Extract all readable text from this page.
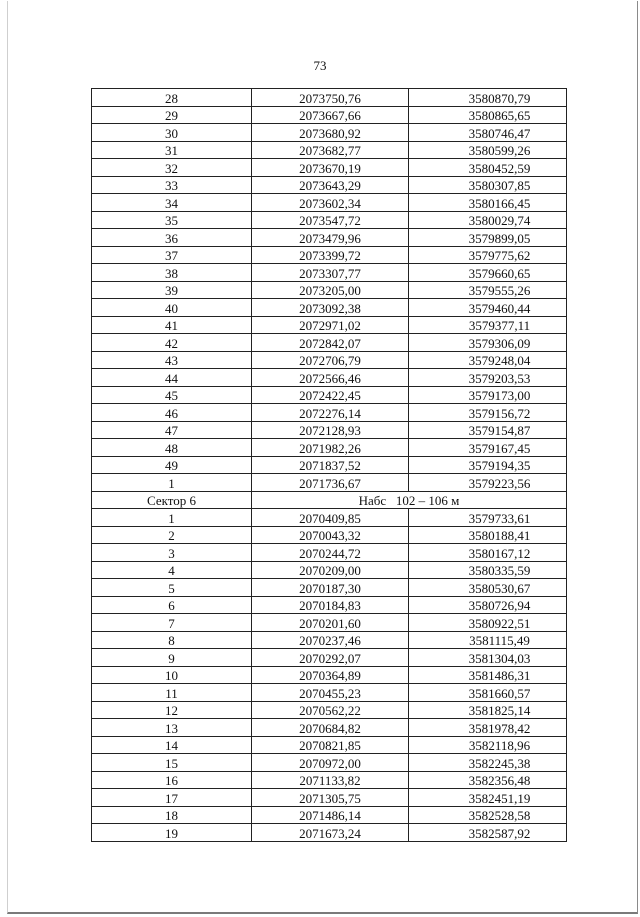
73
28	2073750,76	3580870,79
29	2073667,66	3580865,65
30	2073680,92	3580746,47
31	2073682,77	3580599,26
32	2073670,19	3580452,59
33	2073643,29	3580307,85
34	2073602,34	3580166,45
35	2073547,72	3580029,74
36	2073479,96	3579899,05
37	2073399,72	3579775,62
38	2073307,77	3579660,65
39	2073205,00	3579555,26
40	2073092,38	3579460,44
41	2072971,02	3579377,11
42	2072842,07	3579306,09
43	2072706,79	3579248,04
44	2072566,46	3579203,53
45	2072422,45	3579173,00
46	2072276,14	3579156,72
47	2072128,93	3579154,87
48	2071982,26	3579167,45
49	2071837,52	3579194,35
1	2071736,67	3579223,56
Сектор 6	Набс   102 – 106 м	
1	2070409,85	3579733,61
2	2070043,32	3580188,41
3	2070244,72	3580167,12
4	2070209,00	3580335,59
5	2070187,30	3580530,67
6	2070184,83	3580726,94
7	2070201,60	3580922,51
8	2070237,46	3581115,49
9	2070292,07	3581304,03
10	2070364,89	3581486,31
11	2070455,23	3581660,57
12	2070562,22	3581825,14
13	2070684,82	3581978,42
14	2070821,85	3582118,96
15	2070972,00	3582245,38
16	2071133,82	3582356,48
17	2071305,75	3582451,19
18	2071486,14	3582528,58
19	2071673,24	3582587,92
